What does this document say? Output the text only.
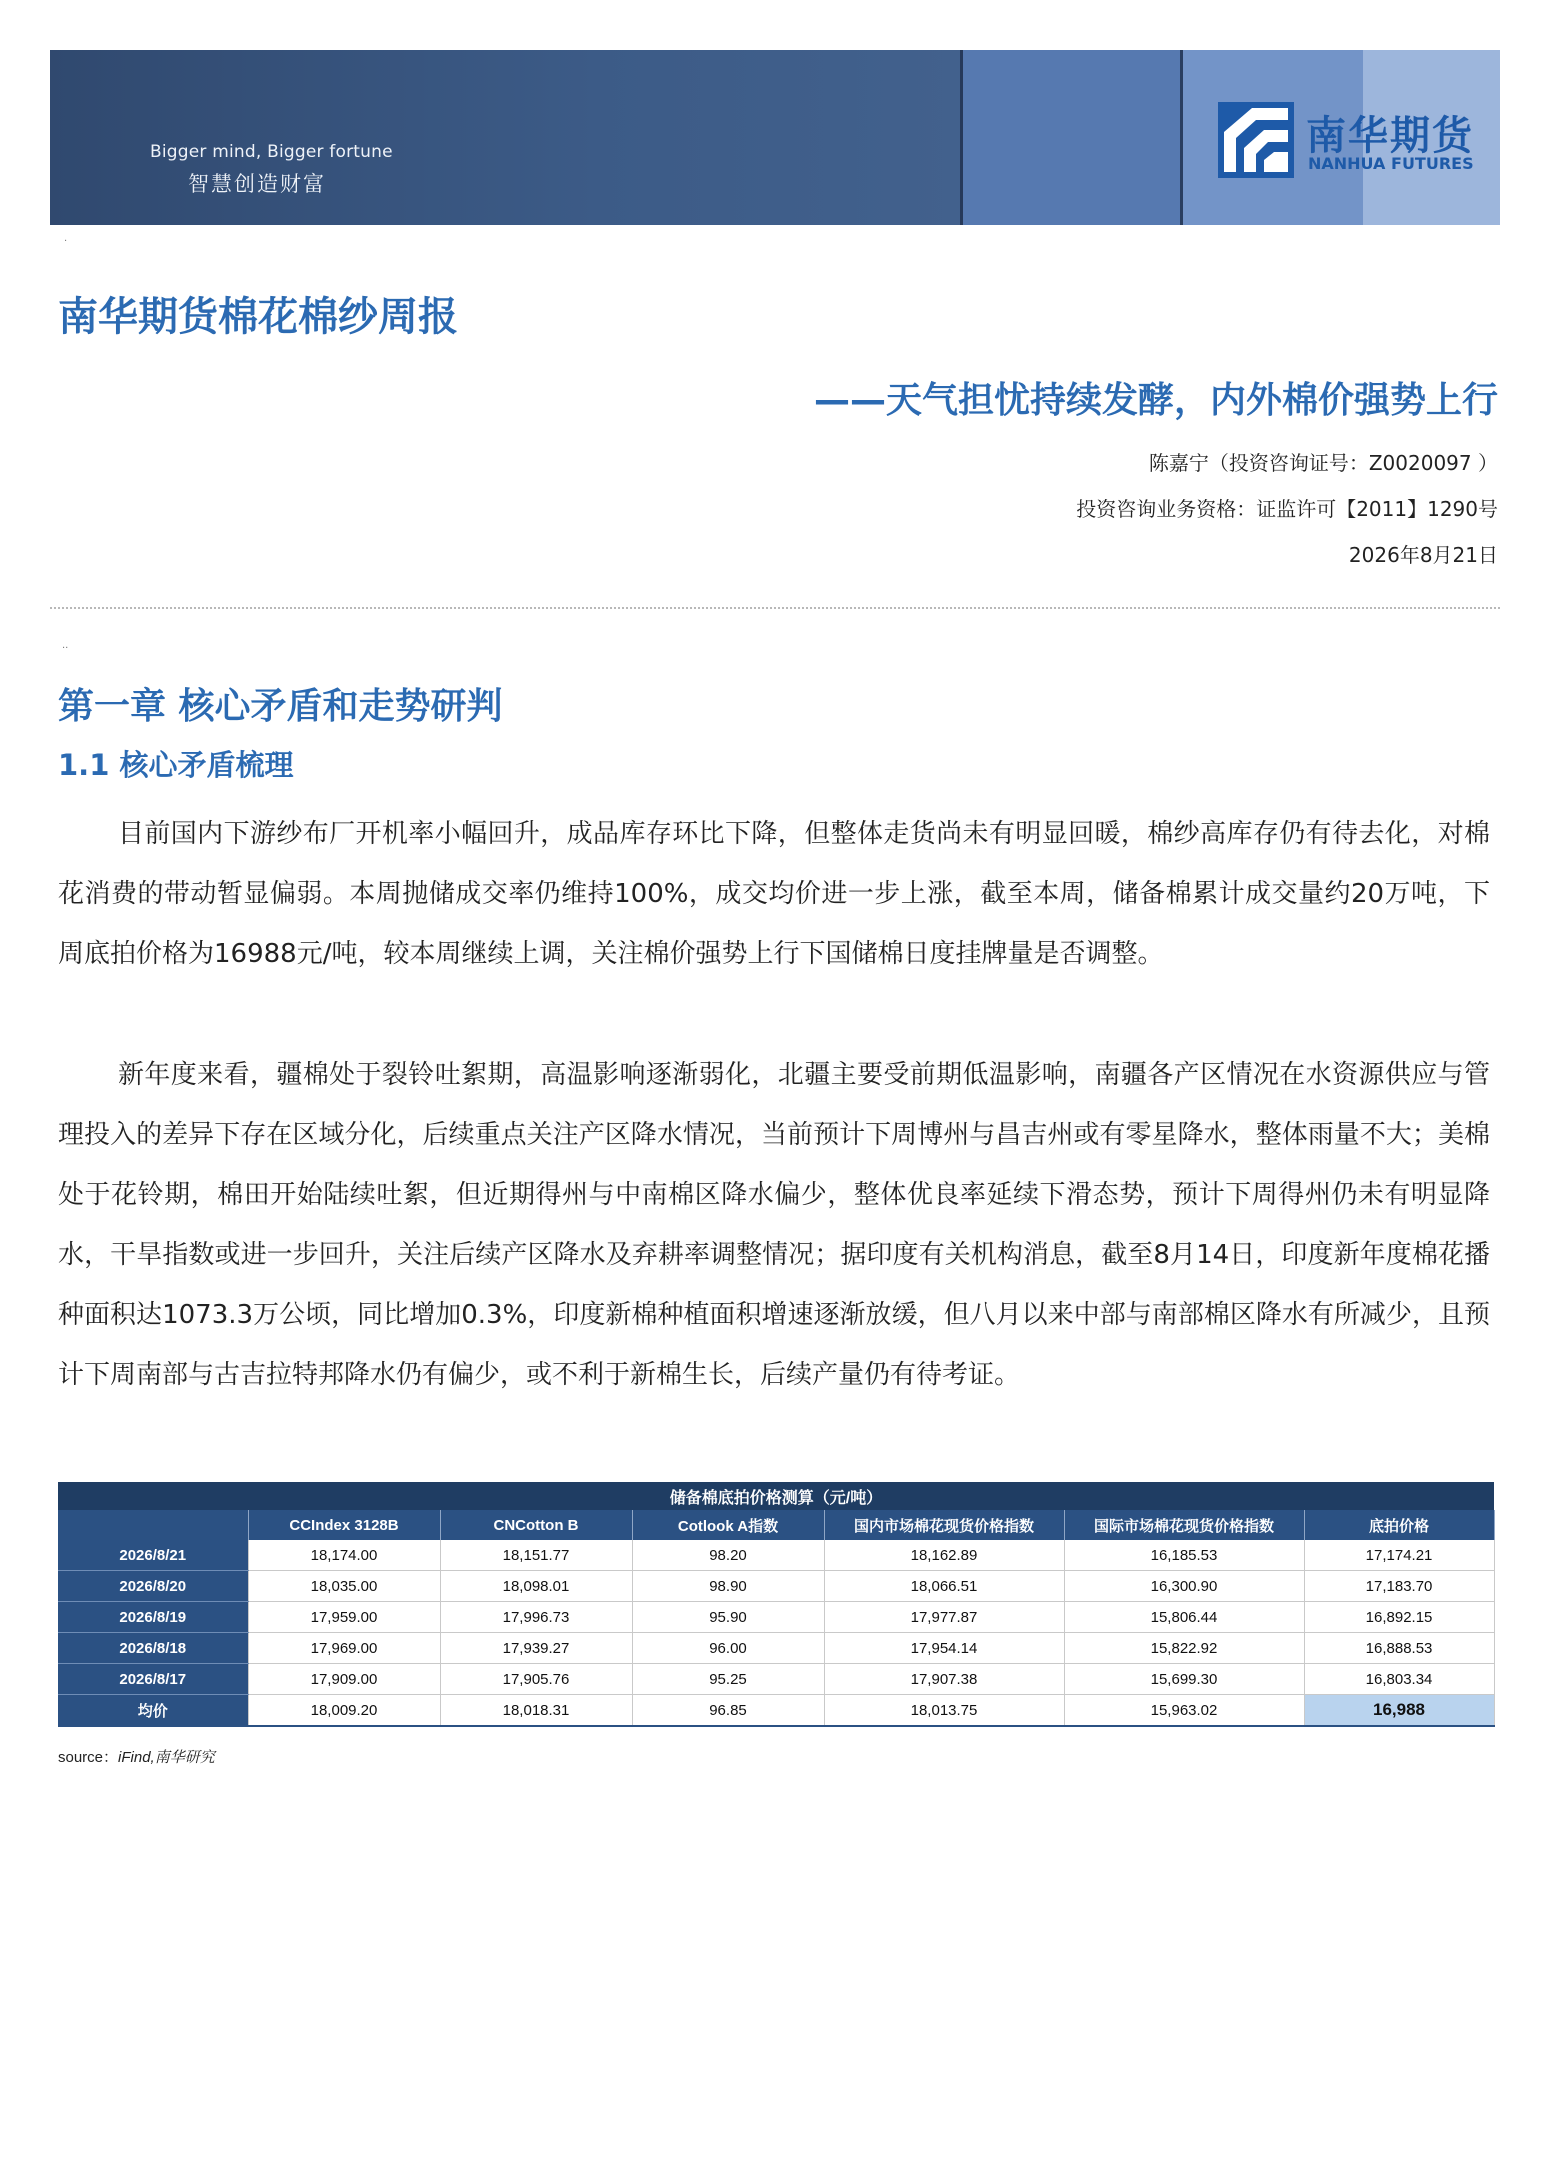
Bigger mind, Bigger fortune
智慧创造财富
南华期货
NANHUA FUTURES
·
南华期货棉花棉纱周报
——天气担忧持续发酵，内外棉价强势上行
陈嘉宁（投资咨询证号：Z0020097 ）
投资咨询业务资格：证监许可【2011】1290号
2026年8月21日
..
第一章 核心矛盾和走势研判
1.1 核心矛盾梳理

目前国内下游纱布厂开机率小幅回升，成品库存环比下降，但整体走货尚未有明显回暖，棉纱高库存仍有待去化，对棉花消费的带动暂显偏弱。本周抛储成交率仍维持100%，成交均价进一步上涨，截至本周，储备棉累计成交量约20万吨，下周底拍价格为16988元/吨，较本周继续上调，关注棉价强势上行下国储棉日度挂牌量是否调整。

新年度来看，疆棉处于裂铃吐絮期，高温影响逐渐弱化，北疆主要受前期低温影响，南疆各产区情况在水资源供应与管理投入的差异下存在区域分化，后续重点关注产区降水情况，当前预计下周博州与昌吉州或有零星降水，整体雨量不大；美棉处于花铃期，棉田开始陆续吐絮，但近期得州与中南棉区降水偏少，整体优良率延续下滑态势，预计下周得州仍未有明显降水，干旱指数或进一步回升，关注后续产区降水及弃耕率调整情况；据印度有关机构消息，截至8月14日，印度新年度棉花播种面积达1073.3万公顷，同比增加0.3%，印度新棉种植面积增速逐渐放缓，但八月以来中部与南部棉区降水有所减少，且预计下周南部与古吉拉特邦降水仍有偏少，或不利于新棉生长，后续产量仍有待考证。

储备棉底拍价格测算（元/吨）						
	CCIndex 3128B	CNCotton B	Cotlook A指数	国内市场棉花现货价格指数	国际市场棉花现货价格指数	底拍价格
2026/8/21	18,174.00	18,151.77	98.20	18,162.89	16,185.53	17,174.21
2026/8/20	18,035.00	18,098.01	98.90	18,066.51	16,300.90	17,183.70
2026/8/19	17,959.00	17,996.73	95.90	17,977.87	15,806.44	16,892.15
2026/8/18	17,969.00	17,939.27	96.00	17,954.14	15,822.92	16,888.53
2026/8/17	17,909.00	17,905.76	95.25	17,907.38	15,699.30	16,803.34
均价	18,009.20	18,018.31	96.85	18,013.75	15,963.02	16,988
source：iFind,南华研究
